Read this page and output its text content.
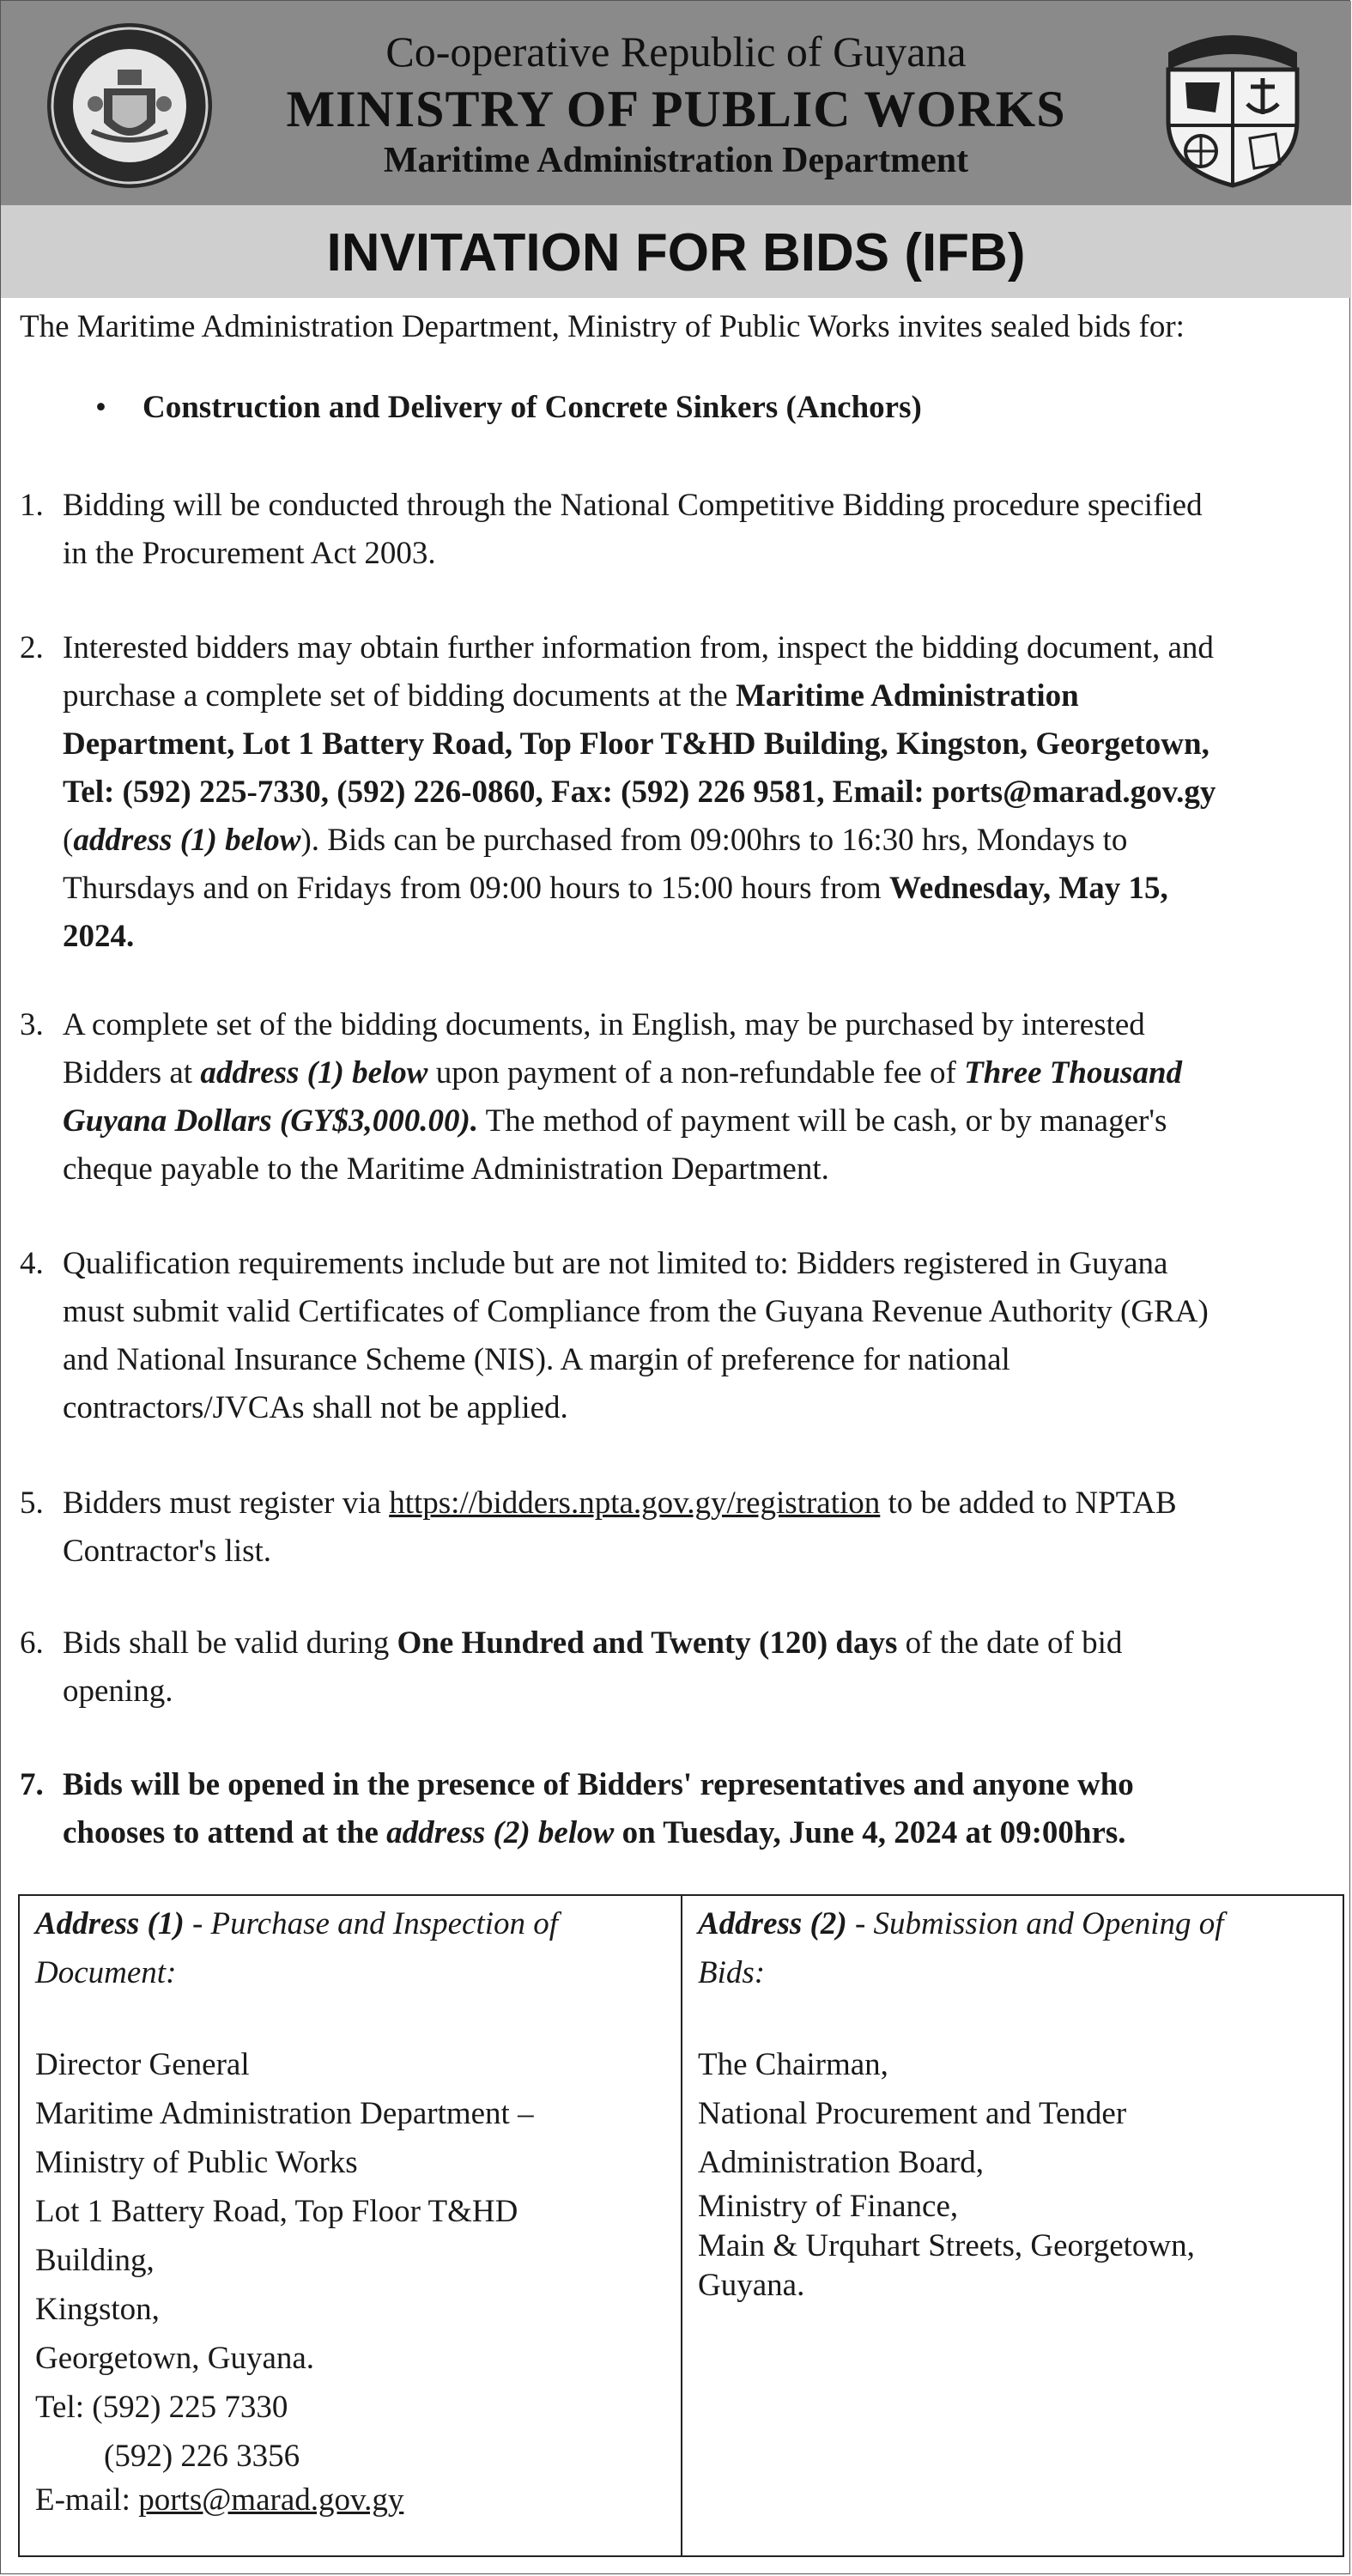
Co-operative Republic of Guyana
MINISTRY OF PUBLIC WORKS
Maritime Administration Department
INVITATION FOR BIDS (IFB)
The Maritime Administration Department, Ministry of Public Works invites sealed bids for:
• Construction and Delivery of Concrete Sinkers (Anchors)
1. Bidding will be conducted through the National Competitive Bidding procedure specified
in the Procurement Act 2003.
2. Interested bidders may obtain further information from, inspect the bidding document, and
purchase a complete set of bidding documents at the Maritime Administration
Department, Lot 1 Battery Road, Top Floor T&HD Building, Kingston, Georgetown,
Tel: (592) 225-7330, (592) 226-0860, Fax: (592) 226 9581, Email: ports@marad.gov.gy
(address (1) below). Bids can be purchased from 09:00hrs to 16:30 hrs, Mondays to
Thursdays and on Fridays from 09:00 hours to 15:00 hours from Wednesday, May 15,
2024.
3. A complete set of the bidding documents, in English, may be purchased by interested
Bidders at address (1) below upon payment of a non-refundable fee of Three Thousand
Guyana Dollars (GY$3,000.00). The method of payment will be cash, or by manager's
cheque payable to the Maritime Administration Department.
4. Qualification requirements include but are not limited to: Bidders registered in Guyana
must submit valid Certificates of Compliance from the Guyana Revenue Authority (GRA)
and National Insurance Scheme (NIS). A margin of preference for national
contractors/JVCAs shall not be applied.
5. Bidders must register via https://bidders.npta.gov.gy/registration to be added to NPTAB
Contractor's list.
6. Bids shall be valid during One Hundred and Twenty (120) days of the date of bid
opening.
7. Bids will be opened in the presence of Bidders' representatives and anyone who
chooses to attend at the address (2) below on Tuesday, June 4, 2024 at 09:00hrs.
Address (1) - Purchase and Inspection of
Document:
Director General
Maritime Administration Department –
Ministry of Public Works
Lot 1 Battery Road, Top Floor T&HD
Building,
Kingston,
Georgetown, Guyana.
Tel: (592) 225 7330
(592) 226 3356
E-mail: ports@marad.gov.gy
Address (2) - Submission and Opening of
Bids:
The Chairman,
National Procurement and Tender
Administration Board,
Ministry of Finance,
Main & Urquhart Streets, Georgetown,
Guyana.
